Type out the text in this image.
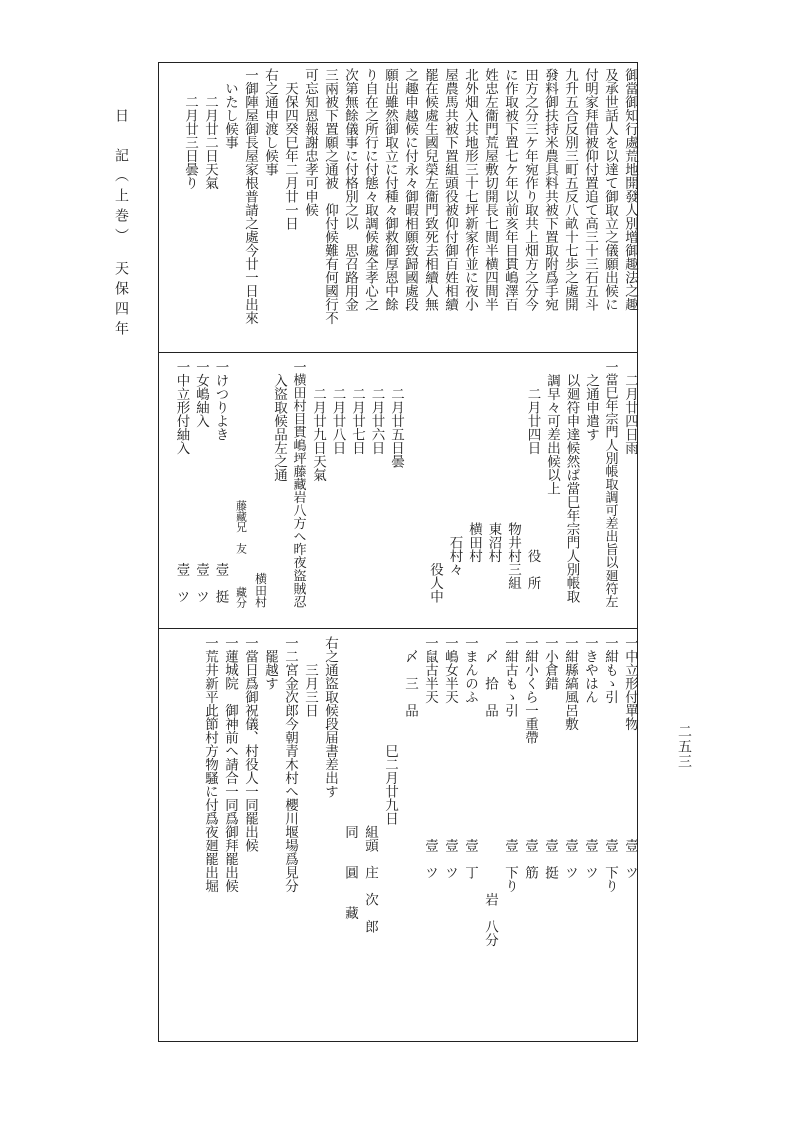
日　記（上巻）　天保四年
二五三
御當御知行處荒地開發人別增御趣法之趣
及承世話人を以達て御取立之儀願出候に
付明家拜借被仰付置追て高三十三石五斗
九升五合反別三町五反八畝十七歩之處開
發料御扶持米農具料共被下置取附爲手宛
田方之分三ケ年宛作り取共上畑方之分今
に作取被下置七ケ年以前亥年目貫嶋澤百
姓忠左衞門荒屋敷切開長七間半横四間半
北外畑入共地形三十七坪新家作並に夜小
屋農馬共被下置組頭役被仰付御百姓相續
罷在候處生國兒榮左衞門致死去相續人無
之趣申越候に付永々御暇相願致歸國處段
願出雖然御取立に付種々御救御厚恩中餘
り自在之所行に付態々取調候處全孝心之
次第無餘儀事に付格別之以　思召路用金
三兩被下置願之通被　仰付候難有何國行不
可忘知恩報謝忠孝可申候
　天保四癸巳年二月廿一日
右之通申渡し候事
一御陣屋御長屋家根普請之處今廿一日出來
　いたし候事
　　二月廿二日天氣
　　二月廿三日曇り
　二月廿四日雨
一當巳年宗門人別帳取調可差出旨以廻符左
　之通申遣す
　以廻符申達候然ば當巳年宗門人別帳取
　調早々可差出候以上
　　二月廿四日　　　　　　　役　所
　　　　　　　　　　　　物井村三組
　　　　　　　　　　　　東沼村
　　　　　　　　　　　　横田村
　　　　　　　　　　　　　石村々
　　　　　　　　　　　　　　　役人中
　　二月廿五日曇
　　二月廿六日
　　二月廿七日
　　二月廿八日
　　二月廿九日天氣
一横田村目貫嶋坪藤藏岩八方へ昨夜盜賊忍
　入盜取候品左之通
　　　　　　　　　　　　　　　　　　横田村
　　　　　　　　　　　　　藤藏兄　友　　　藏分
一けつりよき　　　　　　　　　壹　挺
一女嶋紬入　　　　　　　　　　壹　ツ
一中立形付紬入　　　　　　　　壹　ツ
一中立形付單物　　　　　　　　壹　ツ
一紺もゝ引　　　　　　　　　　壹　下り
一きやはん　　　　　　　　　　壹　ツ
一紺縣縞風呂敷　　　　　　　　壹　ツ
一小倉錯　　　　　　　　　　　壹　挺
一紺小くら一重帶　　　　　　　壹　筋
一紺古もゝ引　　　　　　　　　壹　下り
　〆　拾　品　　　　　　　　　　　　　岩　八分
一まんのふ　　　　　　　　　　壹　丁
一嶋女半天　　　　　　　　　　壹　ツ
一鼠古半天　　　　　　　　　　壹　ツ
　〆　三　品
　　　　　　　　巳二月廿九日
　　　　　　　　　　　　　　組頭　庄　次　郎
　　　　　　　　　　　　　　同　　圓　　藏
右之通盜取候段届書差出す
　　三月三日
一二宮金次郎今朝青木村へ櫻川堰場爲見分
　罷越す
一當日爲御祝儀、村役人一同罷出候
一蓮城院　御神前へ請合一同爲御拜罷出候
一荒井新平此節村方物騷に付爲夜廻罷出堀
